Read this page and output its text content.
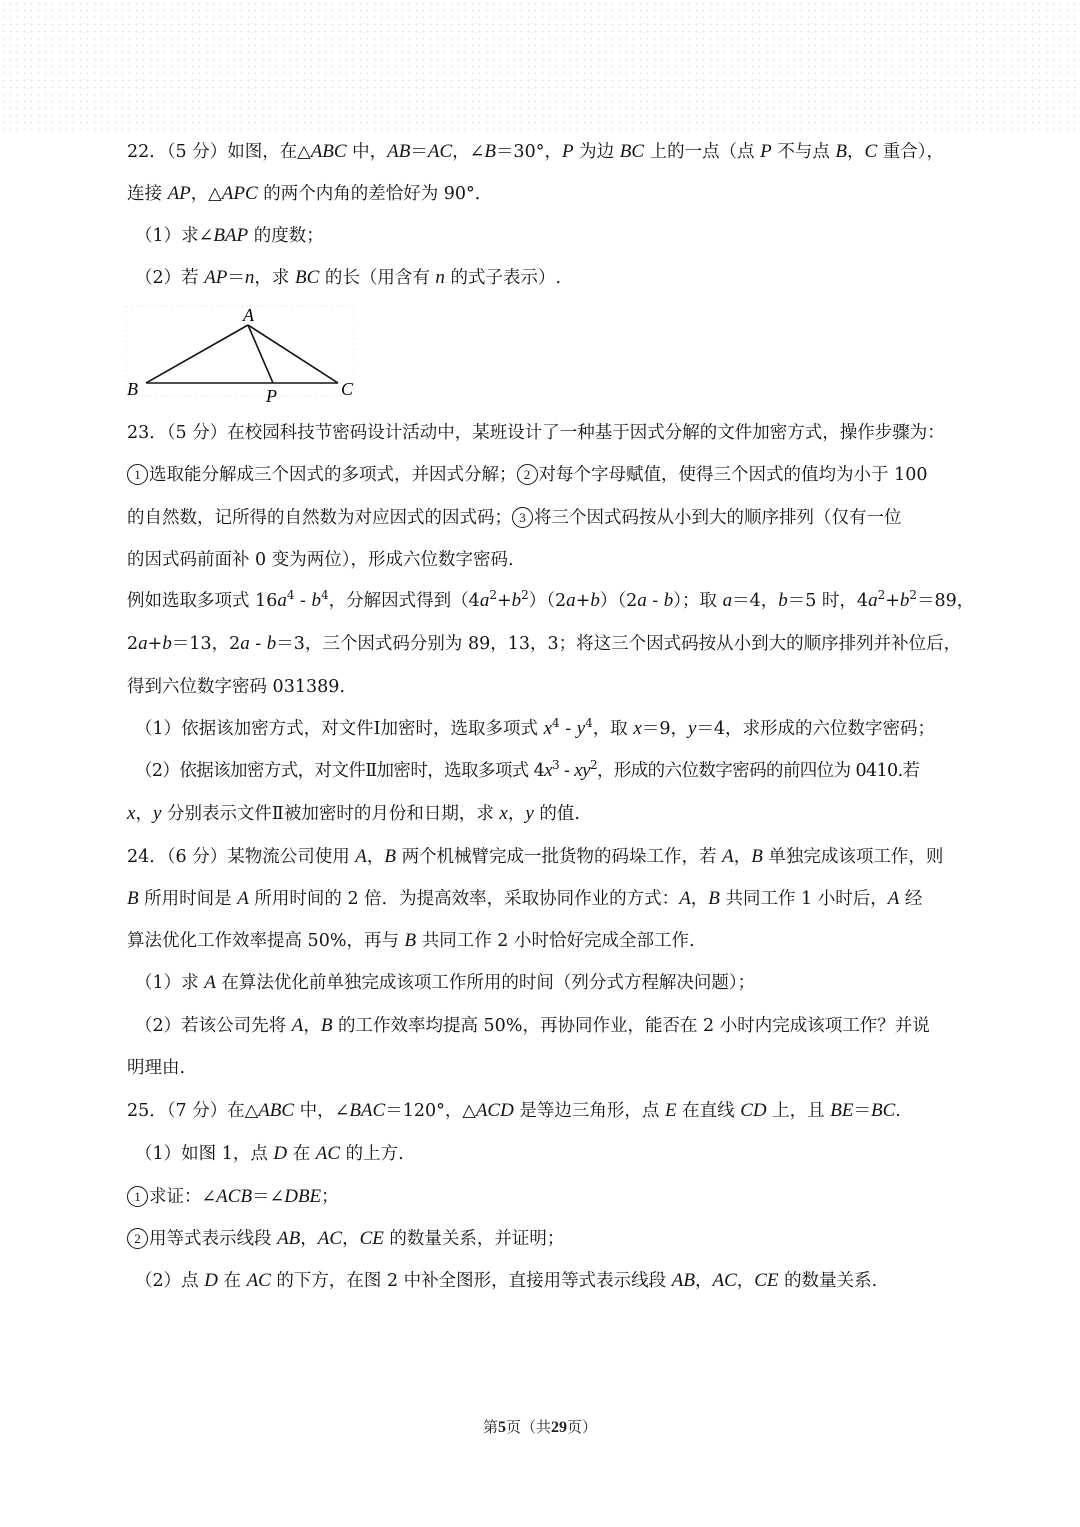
22．（5 分）如图，在△ABC 中，AB＝AC，∠B＝30°，P 为边 BC 上的一点（点 P 不与点 B，C 重合），
连接 AP，△APC 的两个内角的差恰好为 90°．
（1）求∠BAP 的度数；
（2）若 AP＝n，求 BC 的长（用含有 n 的式子表示）.
A
B	C
P
23．（5 分）在校园科技节密码设计活动中，某班设计了一种基于因式分解的文件加密方式，操作步骤为：
1 选取能分解成三个因式的多项式，并因式分解； 2 对每个字母赋值，使得三个因式的值均为小于 100
的自然数，记所得的自然数为对应因式的因式码； 3 将三个因式码按从小到大的顺序排列（仅有一位
的因式码前面补 0 变为两位），形成六位数字密码.
例如选取多项式 $16a^4 - b^4$，分解因式得到$(4a^2+b^2)(2a+b)(2a - b)$；取 a＝4，b＝5 时，$4a^2+b^2=89$，
2a+b＝13，2a - b＝3，三个因式码分别为 89，13，3；将这三个因式码按从小到大的顺序排列并补位后，
得到六位数字密码 031389.
（1）依据该加密方式，对文件Ⅰ加密时，选取多项式 $x^4 - y^4$，取 x＝9，y＝4，求形成的六位数字密码；
（2）依据该加密方式，对文件Ⅱ加密时，选取多项式 $4x^3 - xy^2$，形成的六位数字密码的前四位为 0410.若
x，y 分别表示文件Ⅱ被加密时的月份和日期，求 x，y 的值.
24．（6 分）某物流公司使用 A，B 两个机械臂完成一批货物的码垛工作，若 A，B 单独完成该项工作，则
B 所用时间是 A 所用时间的 2 倍．为提高效率，采取协同作业的方式：A，B 共同工作 1 小时后，A 经
算法优化工作效率提高 50%，再与 B 共同工作 2 小时恰好完成全部工作.
（1）求 A 在算法优化前单独完成该项工作所用的时间（列分式方程解决问题）；
（2）若该公司先将 A，B 的工作效率均提高 50%，再协同作业，能否在 2 小时内完成该项工作？并说
明理由.
25．（7 分）在△ABC 中，∠BAC＝120°，△ACD 是等边三角形，点 E 在直线 CD 上，且 BE＝BC.
（1）如图 1，点 D 在 AC 的上方.
1 求证：∠ACB＝∠DBE；
2 用等式表示线段 AB，AC，CE 的数量关系，并证明；
（2）点 D 在 AC 的下方，在图 2 中补全图形，直接用等式表示线段 AB，AC，CE 的数量关系.
第5页（共29页）
